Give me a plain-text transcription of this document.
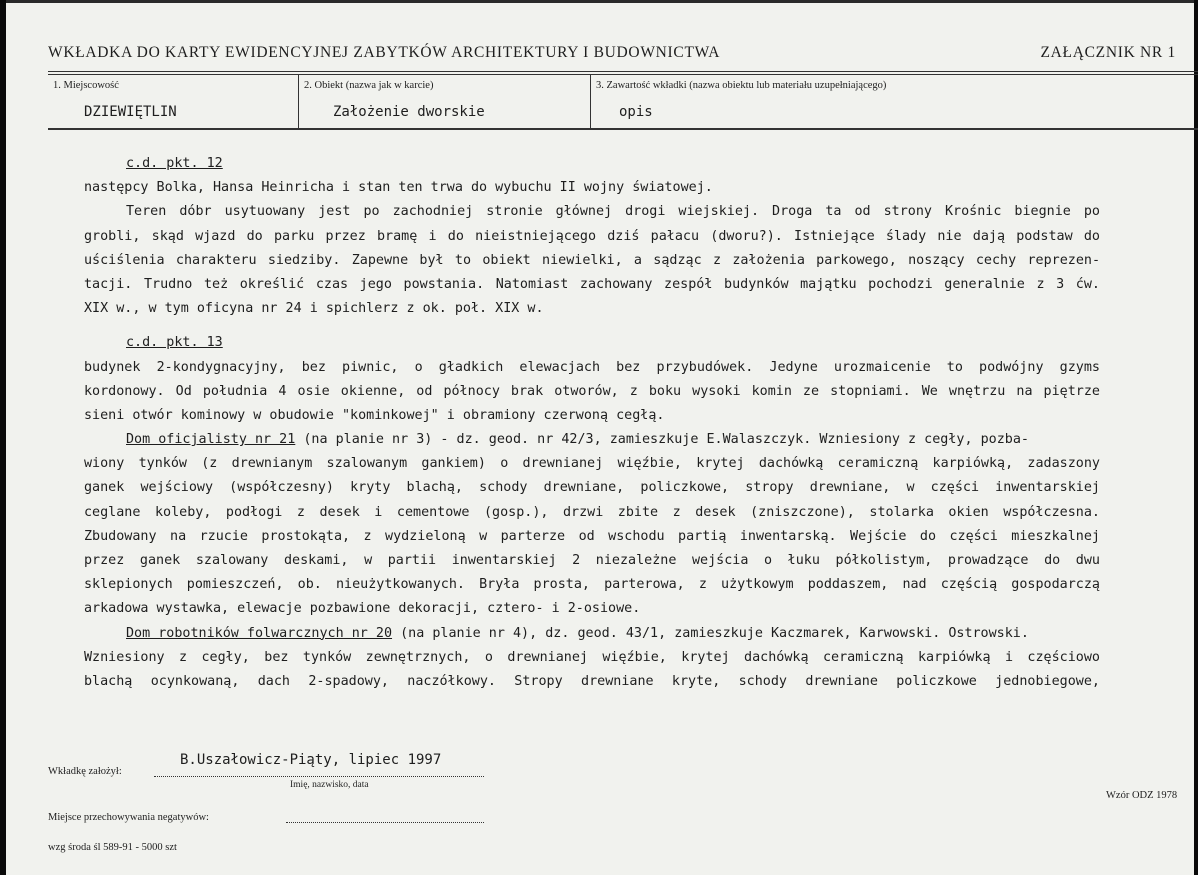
WKŁADKA DO KARTY EWIDENCYJNEJ ZABYTKÓW ARCHITEKTURY I BUDOWNICTWA	ZAŁĄCZNIK NR 1
1. Miejscowość
DZIEWIĘTLIN
2. Obiekt (nazwa jak w karcie)
Założenie dworskie
3. Zawartość wkładki (nazwa obiektu lub materiału uzupełniającego)
opis
c.d. pkt. 12
następcy Bolka, Hansa Heinricha i stan ten trwa do wybuchu II wojny światowej.
Teren dóbr usytuowany jest po zachodniej stronie głównej drogi wiejskiej. Droga ta od strony Krośnic biegnie po
grobli, skąd wjazd do parku przez bramę i do nieistniejącego dziś pałacu (dworu?). Istniejące ślady nie dają podstaw do
uściślenia charakteru siedziby. Zapewne był to obiekt niewielki, a sądząc z założenia parkowego, noszący cechy reprezen-
tacji. Trudno też określić czas jego powstania. Natomiast zachowany zespół budynków majątku pochodzi generalnie z 3 ćw.
XIX w., w tym oficyna nr 24 i spichlerz z ok. poł. XIX w.
c.d. pkt. 13
budynek 2-kondygnacyjny, bez piwnic, o gładkich elewacjach bez przybudówek. Jedyne urozmaicenie to podwójny gzyms
kordonowy. Od południa 4 osie okienne, od północy brak otworów, z boku wysoki komin ze stopniami. We wnętrzu na piętrze
sieni otwór kominowy w obudowie "kominkowej" i obramiony czerwoną cegłą.
Dom oficjalisty nr 21 (na planie nr 3) - dz. geod. nr 42/3, zamieszkuje E.Walaszczyk. Wzniesiony z cegły, pozba-
wiony tynków (z drewnianym szalowanym gankiem) o drewnianej więźbie, krytej dachówką ceramiczną karpiówką, zadaszony
ganek wejściowy (współczesny) kryty blachą, schody drewniane, policzkowe, stropy drewniane, w części inwentarskiej
ceglane koleby, podłogi z desek i cementowe (gosp.), drzwi zbite z desek (zniszczone), stolarka okien współczesna.
Zbudowany na rzucie prostokąta, z wydzieloną w parterze od wschodu partią inwentarską. Wejście do części mieszkalnej
przez ganek szalowany deskami, w partii inwentarskiej 2 niezależne wejścia o łuku półkolistym, prowadzące do dwu
sklepionych pomieszczeń, ob. nieużytkowanych. Bryła prosta, parterowa, z użytkowym poddaszem, nad częścią gospodarczą
arkadowa wystawka, elewacje pozbawione dekoracji, cztero- i 2-osiowe.
Dom robotników folwarcznych nr 20 (na planie nr 4), dz. geod. 43/1, zamieszkuje Kaczmarek, Karwowski. Ostrowski.
Wzniesiony z cegły, bez tynków zewnętrznych, o drewnianej więźbie, krytej dachówką ceramiczną karpiówką i częściowo
blachą ocynkowaną, dach 2-spadowy, naczółkowy. Stropy drewniane kryte, schody drewniane policzkowe jednobiegowe,
B.Uszałowicz-Piąty, lipiec 1997
Wkładkę założył:
Imię, nazwisko, data
Wzór ODZ 1978
Miejsce przechowywania negatywów:
wzg środa śl 589-91 - 5000 szt
